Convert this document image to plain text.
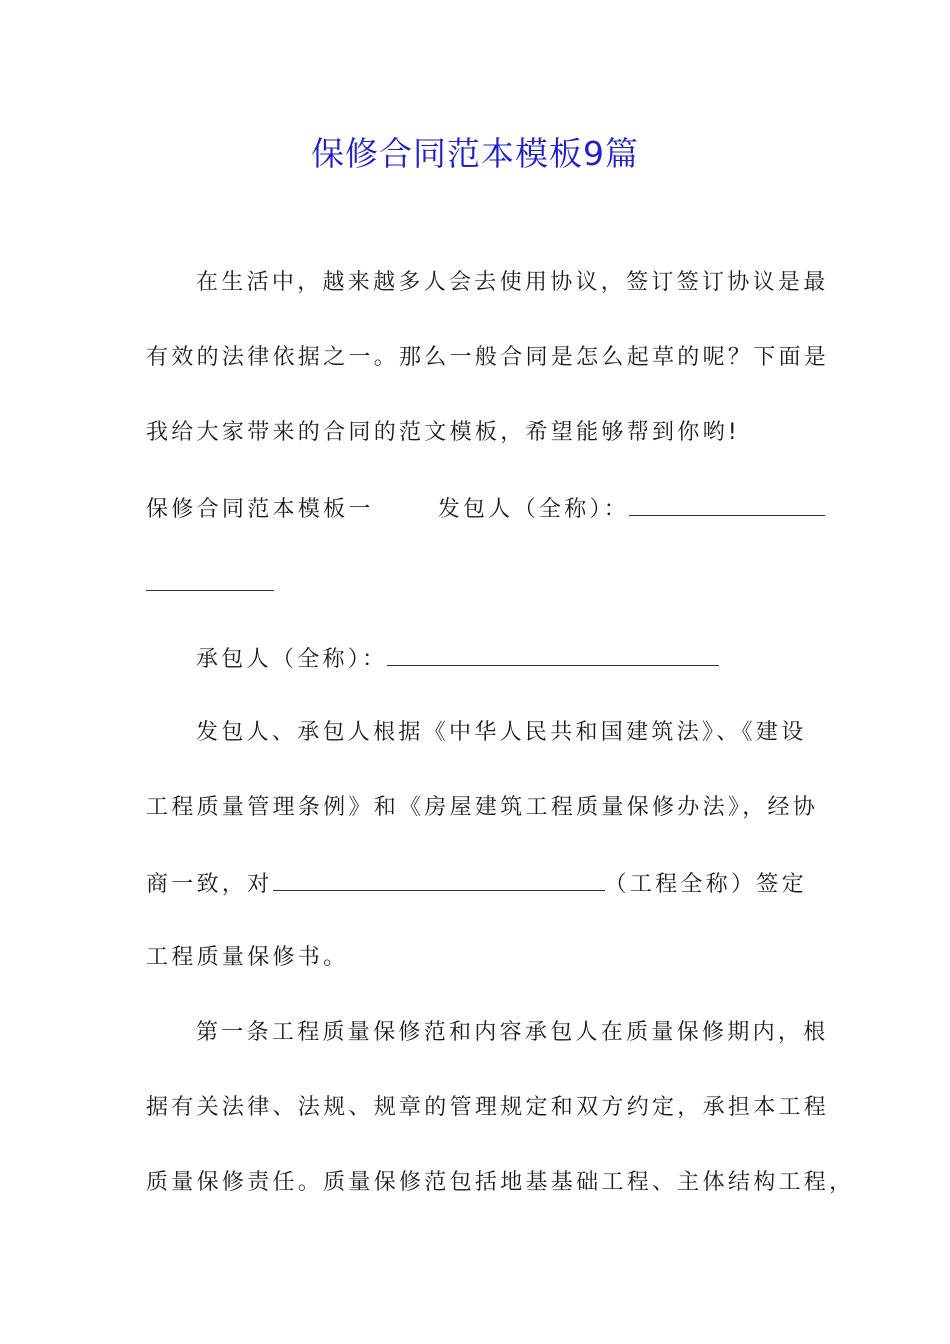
保修合同范本模板9篇
在生活中，越来越多人会去使用协议，签订签订协议是最
有效的法律依据之一。那么一般合同是怎么起草的呢？下面是
我给大家带来的合同的范文模板，希望能够帮到你哟!
保修合同范本模板一	发包人（全称）：
承包人（全称）：
发包人、承包人根据《中华人民共和国建筑法》、《建设
工程质量管理条例》和《房屋建筑工程质量保修办法》，经协
商一致，对	（工程全称）签定
工程质量保修书。
第一条工程质量保修范和内容承包人在质量保修期内，根
据有关法律、法规、规章的管理规定和双方约定，承担本工程
质量保修责任。质量保修范包括地基基础工程、主体结构工程，
